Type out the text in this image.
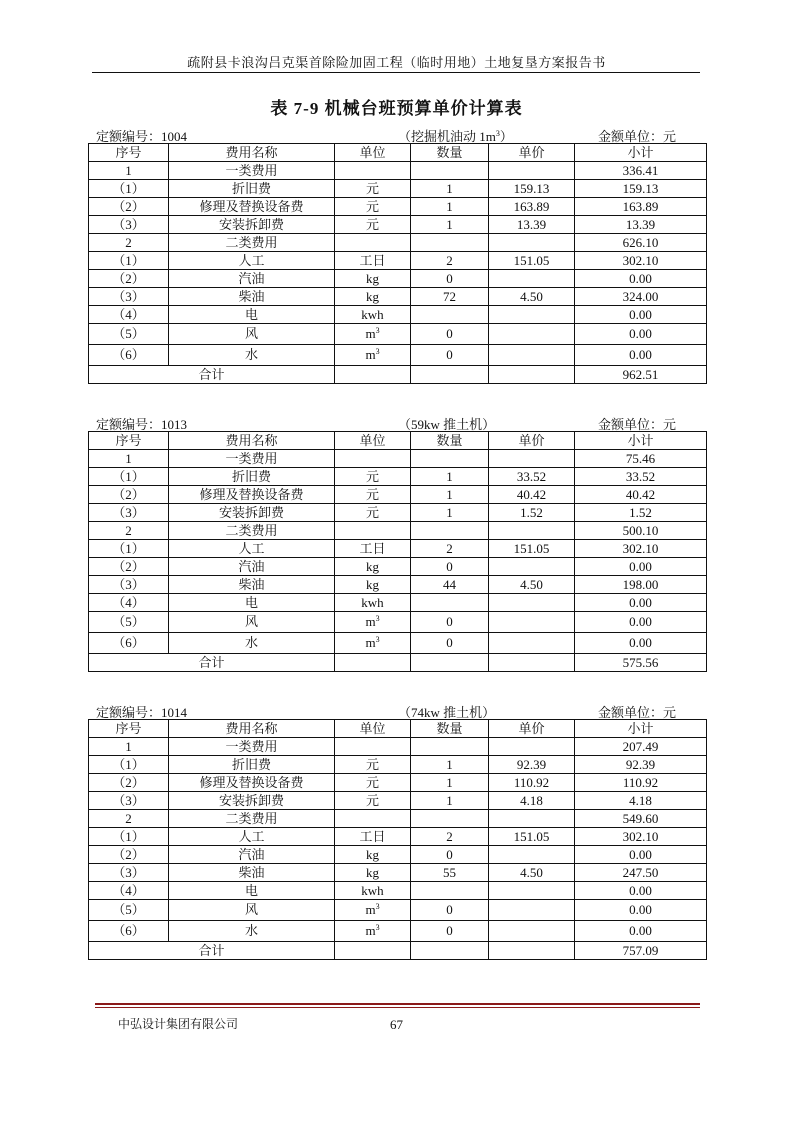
疏附县卡浪沟吕克渠首除险加固工程（临时用地）土地复垦方案报告书
表 7-9 机械台班预算单价计算表
定额编号：1004	（挖掘机油动 $1m^3$）	金额单位：元
序号	费用名称	单位	数量	单价	小计
1	一类费用				336.41
（1）	折旧费	元	1	159.13	159.13
（2）	修理及替换设备费	元	1	163.89	163.89
（3）	安装拆卸费	元	1	13.39	13.39
2	二类费用				626.10
（1）	人工	工日	2	151.05	302.10
（2）	汽油	kg	0		0.00
（3）	柴油	kg	72	4.50	324.00
（4）	电	kwh			0.00
（5）	风	$m^3$	0		0.00
（6）	水	$m^3$	0		0.00
合计					962.51
定额编号：1013	（59kw 推土机）	金额单位：元
序号	费用名称	单位	数量	单价	小计
1	一类费用				75.46
（1）	折旧费	元	1	33.52	33.52
（2）	修理及替换设备费	元	1	40.42	40.42
（3）	安装拆卸费	元	1	1.52	1.52
2	二类费用				500.10
（1）	人工	工日	2	151.05	302.10
（2）	汽油	kg	0		0.00
（3）	柴油	kg	44	4.50	198.00
（4）	电	kwh			0.00
（5）	风	$m^3$	0		0.00
（6）	水	$m^3$	0		0.00
合计					575.56
定额编号：1014	（74kw 推土机）	金额单位：元
序号	费用名称	单位	数量	单价	小计
1	一类费用				207.49
（1）	折旧费	元	1	92.39	92.39
（2）	修理及替换设备费	元	1	110.92	110.92
（3）	安装拆卸费	元	1	4.18	4.18
2	二类费用				549.60
（1）	人工	工日	2	151.05	302.10
（2）	汽油	kg	0		0.00
（3）	柴油	kg	55	4.50	247.50
（4）	电	kwh			0.00
（5）	风	$m^3$	0		0.00
（6）	水	$m^3$	0		0.00
合计					757.09
中弘设计集团有限公司	67
